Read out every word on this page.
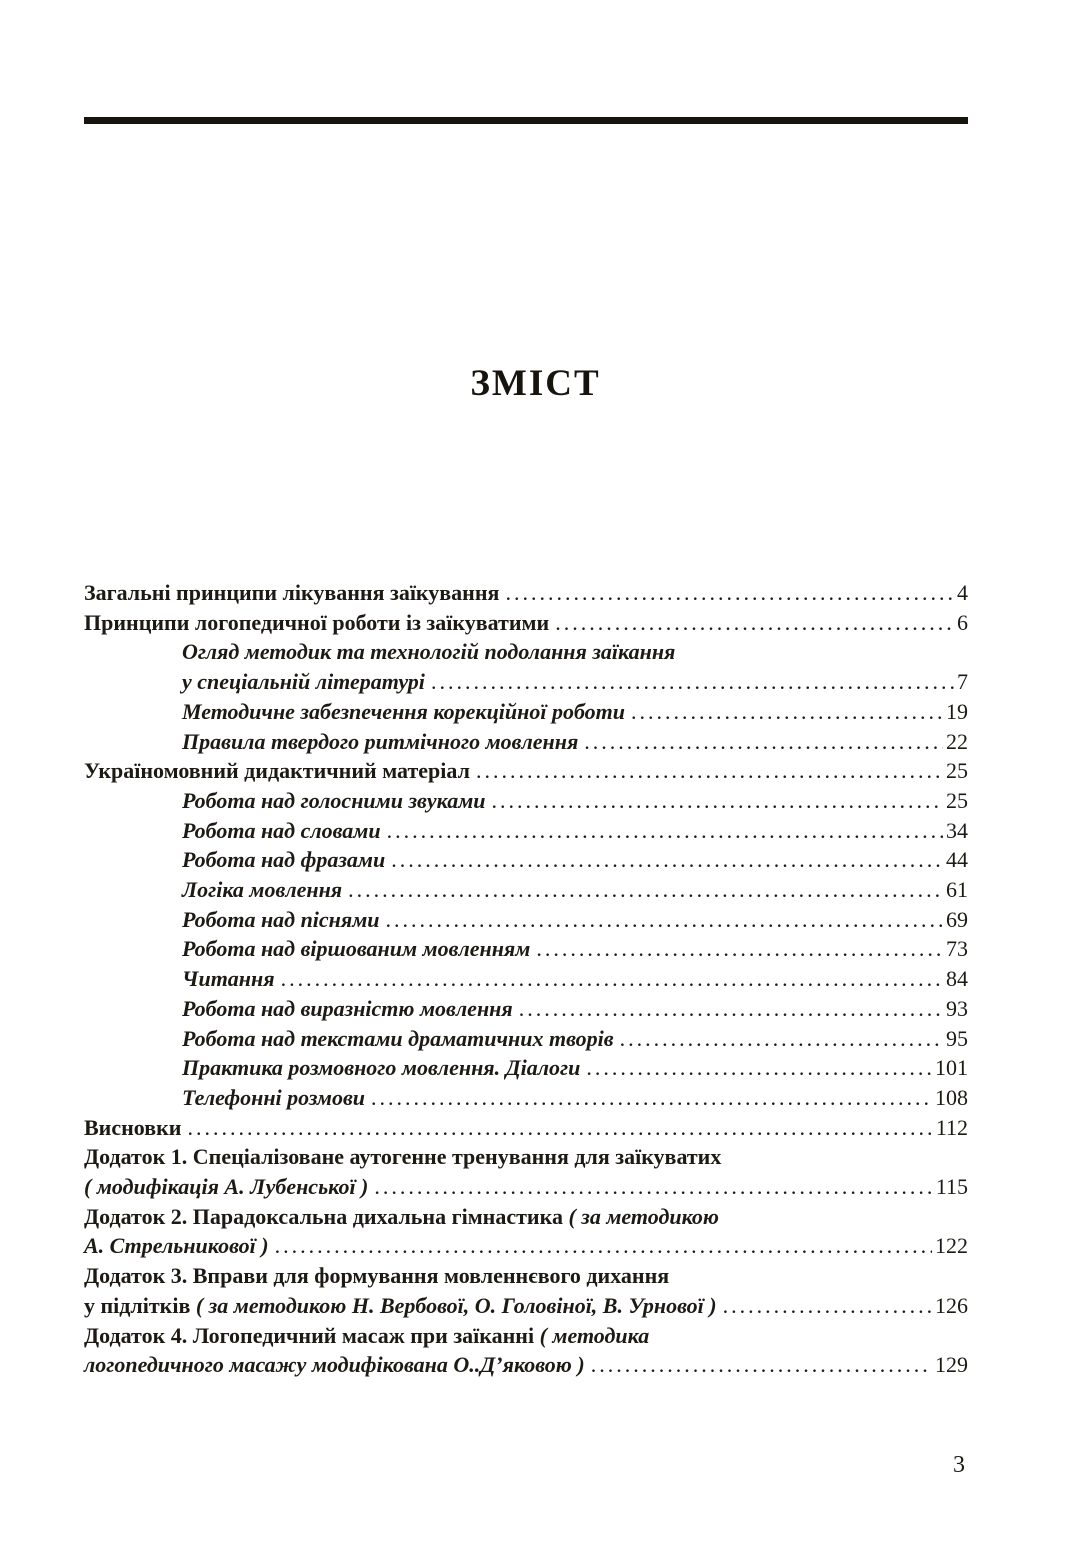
ЗМІСТ
Загальні принципи лікування заїкування .....	4
Принципи логопедичної роботи із заїкуватими .....	6
Огляд методик та технологій подолання заїкання
у спеціальній літературі .....	7
Методичне забезпечення корекційної роботи .....	19
Правила твердого ритмічного мовлення .....	22
Україномовний дидактичний матеріал .....	25
Робота над голосними звуками .....	25
Робота над словами .....	34
Робота над фразами .....	44
Логіка мовлення .....	61
Робота над піснями .....	69
Робота над віршованим мовленням .....	73
Читання .....	84
Робота над виразністю мовлення .....	93
Робота над текстами драматичних творів .....	95
Практика розмовного мовлення. Діалоги .....	101
Телефонні розмови .....	108
Висновки .....	112
Додаток 1. Спеціалізоване аутогенне тренування для заїкуватих
( модифікація А. Лубенської ) .....	115
Додаток 2. Парадоксальна дихальна гімнастика ( за методикою
А. Стрельникової ) .....	122
Додаток 3. Вправи для формування мовленнєвого дихання
у підлітків ( за методикою Н. Вербової, О. Головіної, В. Урнової ) .....	126
Додаток 4. Логопедичний масаж при заїканні ( методика
логопедичного масажу модифікована О..Д’яковою ) .....	129
3
